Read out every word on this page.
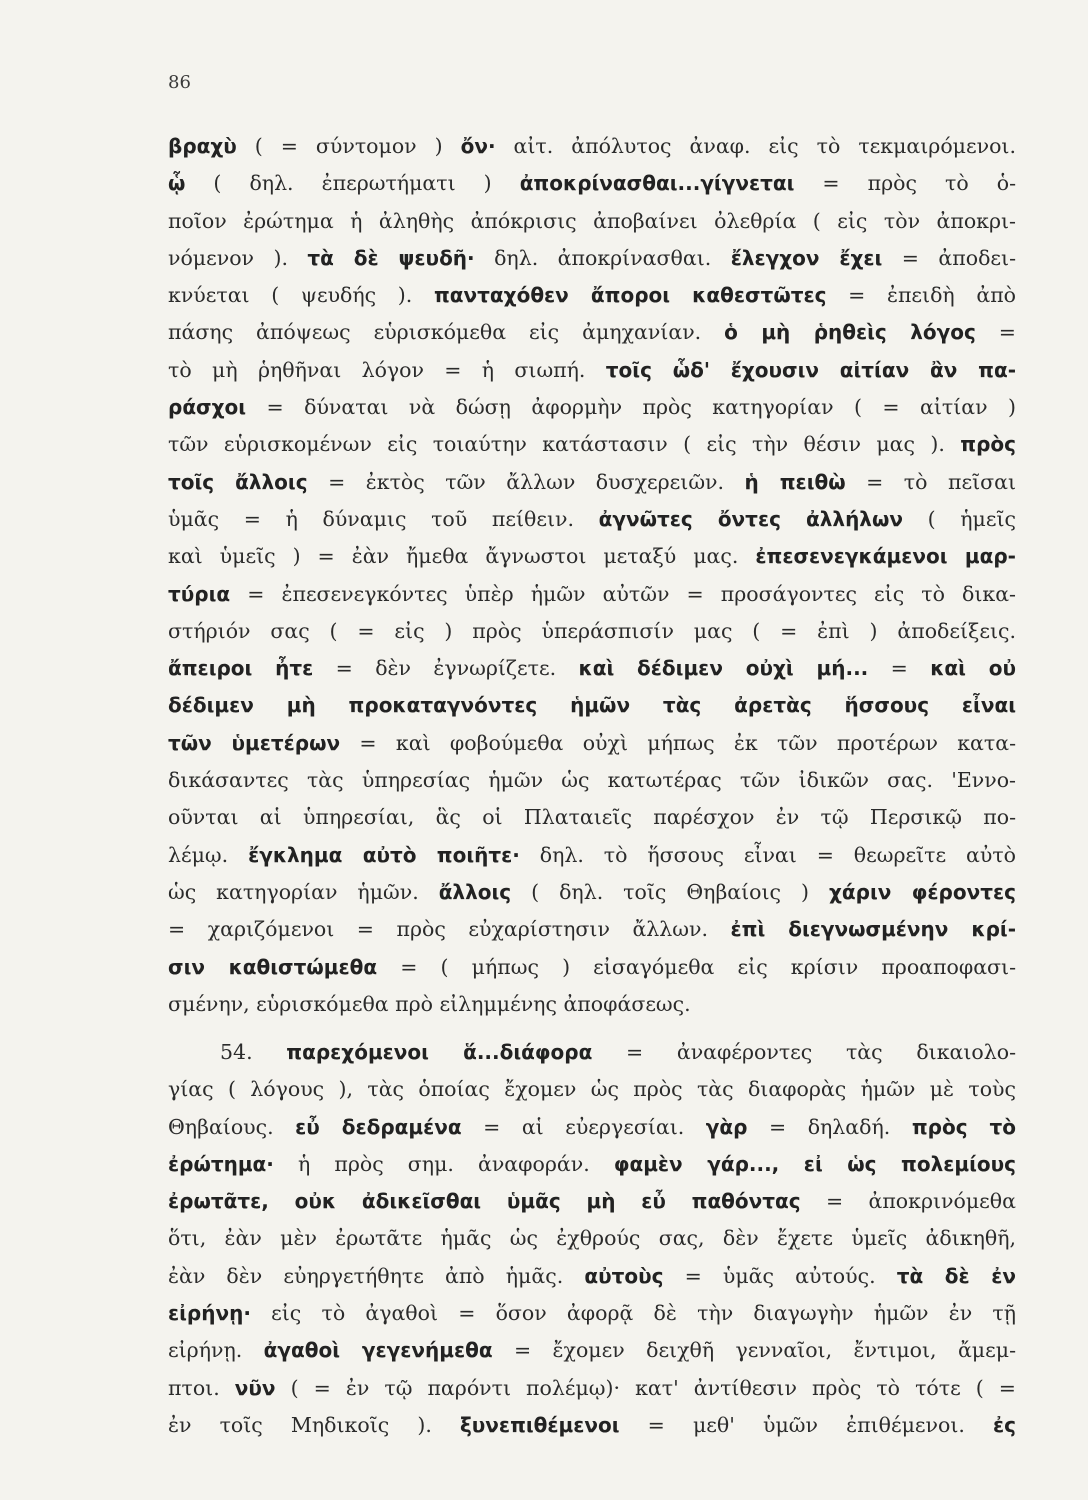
86
βραχὺ ( = σύντομον ) ὄν· αἰτ. ἀπόλυτος ἀναφ. εἰς τὸ τεκμαιρόμενοι.
ᾧ ( δηλ. ἐπερωτήματι ) ἀποκρίνασθαι...γίγνεται = πρὸς τὸ ὁ-
ποῖον ἐρώτημα ἡ ἀληθὴς ἀπόκρισις ἀποβαίνει ὀλεθρία ( εἰς τὸν ἀποκρι-
νόμενον ). τὰ δὲ ψευδῆ· δηλ. ἀποκρίνασθαι. ἔλεγχον ἔχει = ἀποδει-
κνύεται ( ψευδής ). πανταχόθεν ἄποροι καθεστῶτες = ἐπειδὴ ἀπὸ
πάσης ἀπόψεως εὑρισκόμεθα εἰς ἀμηχανίαν. ὁ μὴ ῥηθεὶς λόγος =
τὸ μὴ ῥηθῆναι λόγον = ἡ σιωπή. τοῖς ὧδ' ἔχουσιν αἰτίαν ἂν πα-
ράσχοι = δύναται νὰ δώσῃ ἀφορμὴν πρὸς κατηγορίαν ( = αἰτίαν )
τῶν εὑρισκομένων εἰς τοιαύτην κατάστασιν ( εἰς τὴν θέσιν μας ). πρὸς
τοῖς ἄλλοις = ἐκτὸς τῶν ἄλλων δυσχερειῶν. ἡ πειθὼ = τὸ πεῖσαι
ὑμᾶς = ἡ δύναμις τοῦ πείθειν. ἀγνῶτες ὄντες ἀλλήλων ( ἡμεῖς
καὶ ὑμεῖς ) = ἐὰν ἤμεθα ἄγνωστοι μεταξύ μας. ἐπεσενεγκάμενοι μαρ-
τύρια = ἐπεσενεγκόντες ὑπὲρ ἡμῶν αὐτῶν = προσάγοντες εἰς τὸ δικα-
στήριόν σας ( = εἰς ) πρὸς ὑπεράσπισίν μας ( = ἐπὶ ) ἀποδείξεις.
ἄπειροι ἦτε = δὲν ἐγνωρίζετε. καὶ δέδιμεν οὐχὶ μή... = καὶ οὐ
δέδιμεν μὴ προκαταγνόντες ἡμῶν τὰς ἀρετὰς ἥσσους εἶναι
τῶν ὑμετέρων = καὶ φοβούμεθα οὐχὶ μήπως ἐκ τῶν προτέρων κατα-
δικάσαντες τὰς ὑπηρεσίας ἡμῶν ὡς κατωτέρας τῶν ἰδικῶν σας. 'Εννο-
οῦνται αἱ ὑπηρεσίαι, ἃς οἱ Πλαταιεῖς παρέσχον ἐν τῷ Περσικῷ πο-
λέμῳ. ἔγκλημα αὐτὸ ποιῆτε· δηλ. τὸ ἥσσους εἶναι = θεωρεῖτε αὐτὸ
ὡς κατηγορίαν ἡμῶν. ἄλλοις ( δηλ. τοῖς Θηβαίοις ) χάριν φέροντες
= χαριζόμενοι = πρὸς εὐχαρίστησιν ἄλλων. ἐπὶ διεγνωσμένην κρί-
σιν καθιστώμεθα = ( μήπως ) εἰσαγόμεθα εἰς κρίσιν προαποφασι-
σμένην, εὑρισκόμεθα πρὸ εἰλημμένης ἀποφάσεως.
54. παρεχόμενοι ἅ...διάφορα = ἀναφέροντες τὰς δικαιολο-
γίας ( λόγους ), τὰς ὁποίας ἔχομεν ὡς πρὸς τὰς διαφορὰς ἡμῶν μὲ τοὺς
Θηβαίους. εὖ δεδραμένα = αἱ εὐεργεσίαι. γὰρ = δηλαδή. πρὸς τὸ
ἐρώτημα· ἡ πρὸς σημ. ἀναφοράν. φαμὲν γάρ..., εἰ ὡς πολεμίους
ἐρωτᾶτε, οὐκ ἀδικεῖσθαι ὑμᾶς μὴ εὖ παθόντας = ἀποκρινόμεθα
ὅτι, ἐὰν μὲν ἐρωτᾶτε ἡμᾶς ὡς ἐχθρούς σας, δὲν ἔχετε ὑμεῖς ἀδικηθῆ,
ἐὰν δὲν εὐηργετήθητε ἀπὸ ἡμᾶς. αὐτοὺς = ὑμᾶς αὐτούς. τὰ δὲ ἐν
εἰρήνῃ· εἰς τὸ ἀγαθοὶ = ὅσον ἀφορᾷ δὲ τὴν διαγωγὴν ἡμῶν ἐν τῇ
εἰρήνῃ. ἀγαθοὶ γεγενήμεθα = ἔχομεν δειχθῆ γενναῖοι, ἔντιμοι, ἄμεμ-
πτοι. νῦν ( = ἐν τῷ παρόντι πολέμῳ)· κατ' ἀντίθεσιν πρὸς τὸ τότε ( =
ἐν τοῖς Μηδικοῖς ). ξυνεπιθέμενοι = μεθ' ὑμῶν ἐπιθέμενοι. ἐς
